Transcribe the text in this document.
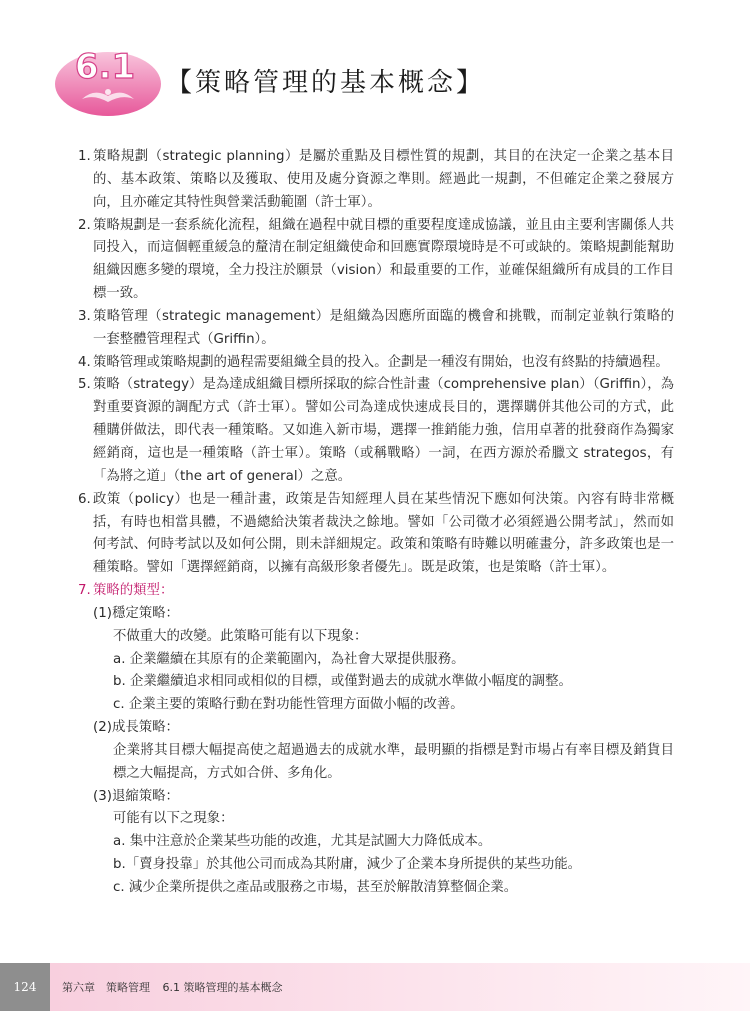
6.1 【策略管理的基本概念】
1. 策略規劃（strategic planning）是屬於重點及目標性質的規劃，其目的在決定一企業之基本目的、基本政策、策略以及獲取、使用及處分資源之準則。經過此一規劃，不但確定企業之發展方向，且亦確定其特性與營業活動範圍（許士軍）。
2. 策略規劃是一套系統化流程，組織在過程中就目標的重要程度達成協議，並且由主要利害關係人共同投入，而這個輕重緩急的釐清在制定組織使命和回應實際環境時是不可或缺的。策略規劃能幫助組織因應多變的環境，全力投注於願景（vision）和最重要的工作，並確保組織所有成員的工作目標一致。
3. 策略管理（strategic management）是組織為因應所面臨的機會和挑戰，而制定並執行策略的一套整體管理程式（Griffin）。
4. 策略管理或策略規劃的過程需要組織全員的投入。企劃是一種沒有開始，也沒有終點的持續過程。
5. 策略（strategy）是為達成組織目標所採取的綜合性計畫（comprehensive plan）（Griffin），為對重要資源的調配方式（許士軍）。譬如公司為達成快速成長目的，選擇購併其他公司的方式，此種購併做法，即代表一種策略。又如進入新市場，選擇一推銷能力強，信用卓著的批發商作為獨家經銷商，這也是一種策略（許士軍）。策略（或稱戰略）一詞，在西方源於希臘文 strategos，有「為將之道」（the art of general）之意。
6. 政策（policy）也是一種計畫，政策是告知經理人員在某些情況下應如何決策。內容有時非常概括，有時也相當具體，不過總給決策者裁決之餘地。譬如「公司徵才必須經過公開考試」，然而如何考試、何時考試以及如何公開，則未詳細規定。政策和策略有時難以明確畫分，許多政策也是一種策略。譬如「選擇經銷商，以擁有高級形象者優先」。既是政策，也是策略（許士軍）。
7. 策略的類型：
(1)穩定策略：
不做重大的改變。此策略可能有以下現象：
a. 企業繼續在其原有的企業範圍內，為社會大眾提供服務。
b. 企業繼續追求相同或相似的目標，或僅對過去的成就水準做小幅度的調整。
c. 企業主要的策略行動在對功能性管理方面做小幅的改善。
(2)成長策略：
企業將其目標大幅提高使之超過過去的成就水準，最明顯的指標是對市場占有率目標及銷貨目標之大幅提高，方式如合併、多角化。
(3)退縮策略：
可能有以下之現象：
a. 集中注意於企業某些功能的改進，尤其是試圖大力降低成本。
b.「賣身投靠」於其他公司而成為其附庸，減少了企業本身所提供的某些功能。
c. 減少企業所提供之產品或服務之市場，甚至於解散清算整個企業。
124	第六章　策略管理 6.1 策略管理的基本概念
